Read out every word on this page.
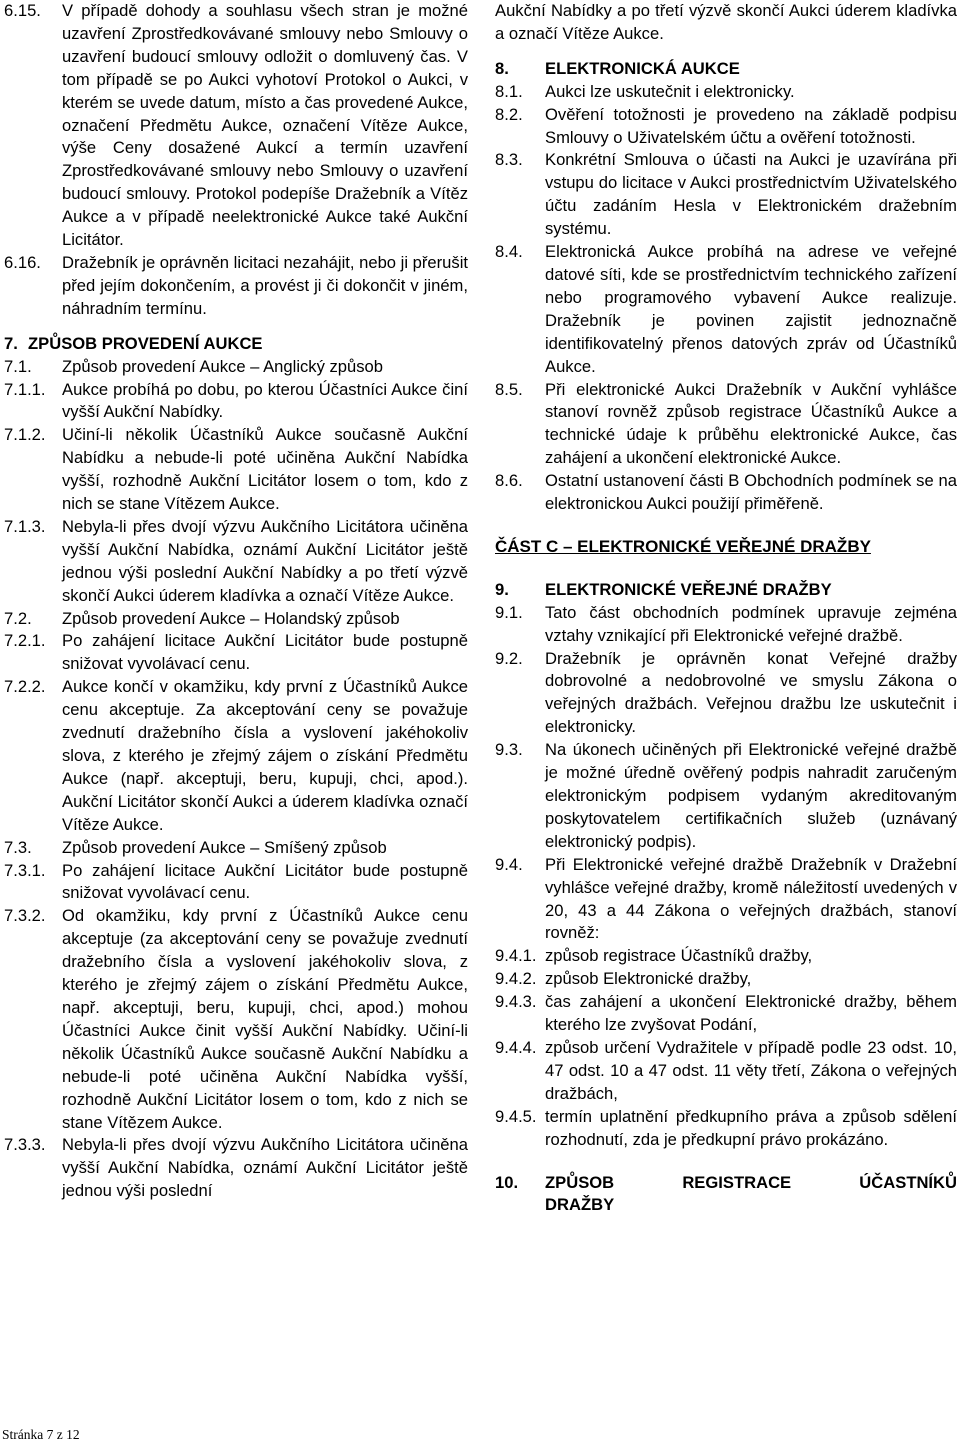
6.15.	V případě dohody a souhlasu všech stran je možné uzavření Zprostředkovávané smlouvy nebo Smlouvy o uzavření budoucí smlouvy odložit o domluvený čas. V tom případě se po Aukci vyhotoví Protokol o Aukci, v kterém se uvede datum, místo a čas provedené Aukce, označení Předmětu Aukce, označení Vítěze Aukce, výše Ceny dosažené Aukcí a termín uzavření Zprostředkovávané smlouvy nebo Smlouvy o uzavření budoucí smlouvy. Protokol podepíše Dražebník a Vítěz Aukce a v případě neelektronické Aukce také Aukční Licitátor.
6.16.	Dražebník je oprávněn licitaci nezahájit, nebo ji přerušit před jejím dokončením, a provést ji či dokončit v jiném, náhradním termínu.
7. ZPŮSOB PROVEDENÍ AUKCE
7.1.	Způsob provedení Aukce – Anglický způsob
7.1.1. Aukce probíhá po dobu, po kterou Účastníci Aukce činí vyšší Aukční Nabídky.
7.1.2. Učiní-li několik Účastníků Aukce současně Aukční Nabídku a nebude-li poté učiněna Aukční Nabídka vyšší, rozhodně Aukční Licitátor losem o tom, kdo z nich se stane Vítězem Aukce.
7.1.3. Nebyla-li přes dvojí výzvu Aukčního Licitátora učiněna vyšší Aukční Nabídka, oznámí Aukční Licitátor ještě jednou výši poslední Aukční Nabídky a po třetí výzvě skončí Aukci úderem kladívka a označí Vítěze Aukce.
7.2.	Způsob provedení Aukce – Holandský způsob
7.2.1. Po zahájení licitace Aukční Licitátor bude postupně snižovat vyvolávací cenu.
7.2.2. Aukce končí v okamžiku, kdy první z Účastníků Aukce cenu akceptuje. Za akceptování ceny se považuje zvednutí dražebního čísla a vyslovení jakéhokoliv slova, z kterého je zřejmý zájem o získání Předmětu Aukce (např. akceptuji, beru, kupuji, chci, apod.). Aukční Licitátor skončí Aukci a úderem kladívka označí Vítěze Aukce.
7.3.	Způsob provedení Aukce – Smíšený způsob
7.3.1. Po zahájení licitace Aukční Licitátor bude postupně snižovat vyvolávací cenu.
7.3.2. Od okamžiku, kdy první z Účastníků Aukce cenu akceptuje (za akceptování ceny se považuje zvednutí dražebního čísla a vyslovení jakéhokoliv slova, z kterého je zřejmý zájem o získání Předmětu Aukce, např. akceptuji, beru, kupuji, chci, apod.) mohou Účastníci Aukce činit vyšší Aukční Nabídky. Učiní-li několik Účastníků Aukce současně Aukční Nabídku a nebude-li poté učiněna Aukční Nabídka vyšší, rozhodně Aukční Licitátor losem o tom, kdo z nich se stane Vítězem Aukce.
7.3.3. Nebyla-li přes dvojí výzvu Aukčního Licitátora učiněna vyšší Aukční Nabídka, oznámí Aukční Licitátor ještě jednou výši poslední
Aukční Nabídky a po třetí výzvě skončí Aukci úderem kladívka a označí Vítěze Aukce.
8.	ELEKTRONICKÁ AUKCE
8.1.	Aukci lze uskutečnit i elektronicky.
8.2.	Ověření totožnosti je provedeno na základě podpisu Smlouvy o Uživatelském účtu a ověření totožnosti.
8.3.	Konkrétní Smlouva o účasti na Aukci je uzavírána při vstupu do licitace v Aukci prostřednictvím Uživatelského účtu zadáním Hesla v Elektronickém dražebním systému.
8.4.	Elektronická Aukce probíhá na adrese ve veřejné datové síti, kde se prostřednictvím technického zařízení nebo programového vybavení Aukce realizuje. Dražebník je povinen zajistit jednoznačně identifikovatelný přenos datových zpráv od Účastníků Aukce.
8.5.	Při elektronické Aukci Dražebník v Aukční vyhlášce stanoví rovněž způsob registrace Účastníků Aukce a technické údaje k průběhu elektronické Aukce, čas zahájení a ukončení elektronické Aukce.
8.6.	Ostatní ustanovení části B Obchodních podmínek se na elektronickou Aukci použijí přiměřeně.
ČÁST C – ELEKTRONICKÉ VEŘEJNÉ DRAŽBY
9.	ELEKTRONICKÉ VEŘEJNÉ DRAŽBY
9.1.	Tato část obchodních podmínek upravuje zejména vztahy vznikající při Elektronické veřejné dražbě.
9.2.	Dražebník je oprávněn konat Veřejné dražby dobrovolné a nedobrovolné ve smyslu Zákona o veřejných dražbách. Veřejnou dražbu lze uskutečnit i elektronicky.
9.3.	Na úkonech učiněných při Elektronické veřejné dražbě je možné úředně ověřený podpis nahradit zaručeným elektronickým podpisem vydaným akreditovaným poskytovatelem certifikačních služeb (uznávaný elektronický podpis).
9.4.	Při Elektronické veřejné dražbě Dražebník v Dražební vyhlášce veřejné dražby, kromě náležitostí uvedených v 20, 43 a 44 Zákona o veřejných dražbách, stanoví rovněž:
9.4.1. způsob registrace Účastníků dražby,
9.4.2. způsob Elektronické dražby,
9.4.3. čas zahájení a ukončení Elektronické dražby, během kterého lze zvyšovat Podání,
9.4.4. způsob určení Vydražitele v případě podle 23 odst. 10, 47 odst. 10 a 47 odst. 11 věty třetí, Zákona o veřejných dražbách,
9.4.5. termín uplatnění předkupního práva a způsob sdělení rozhodnutí, zda je předkupní právo prokázáno.
10.	ZPŮSOB	REGISTRACE	ÚČASTNÍKŮ
DRAŽBY
Stránka 7 z 12
